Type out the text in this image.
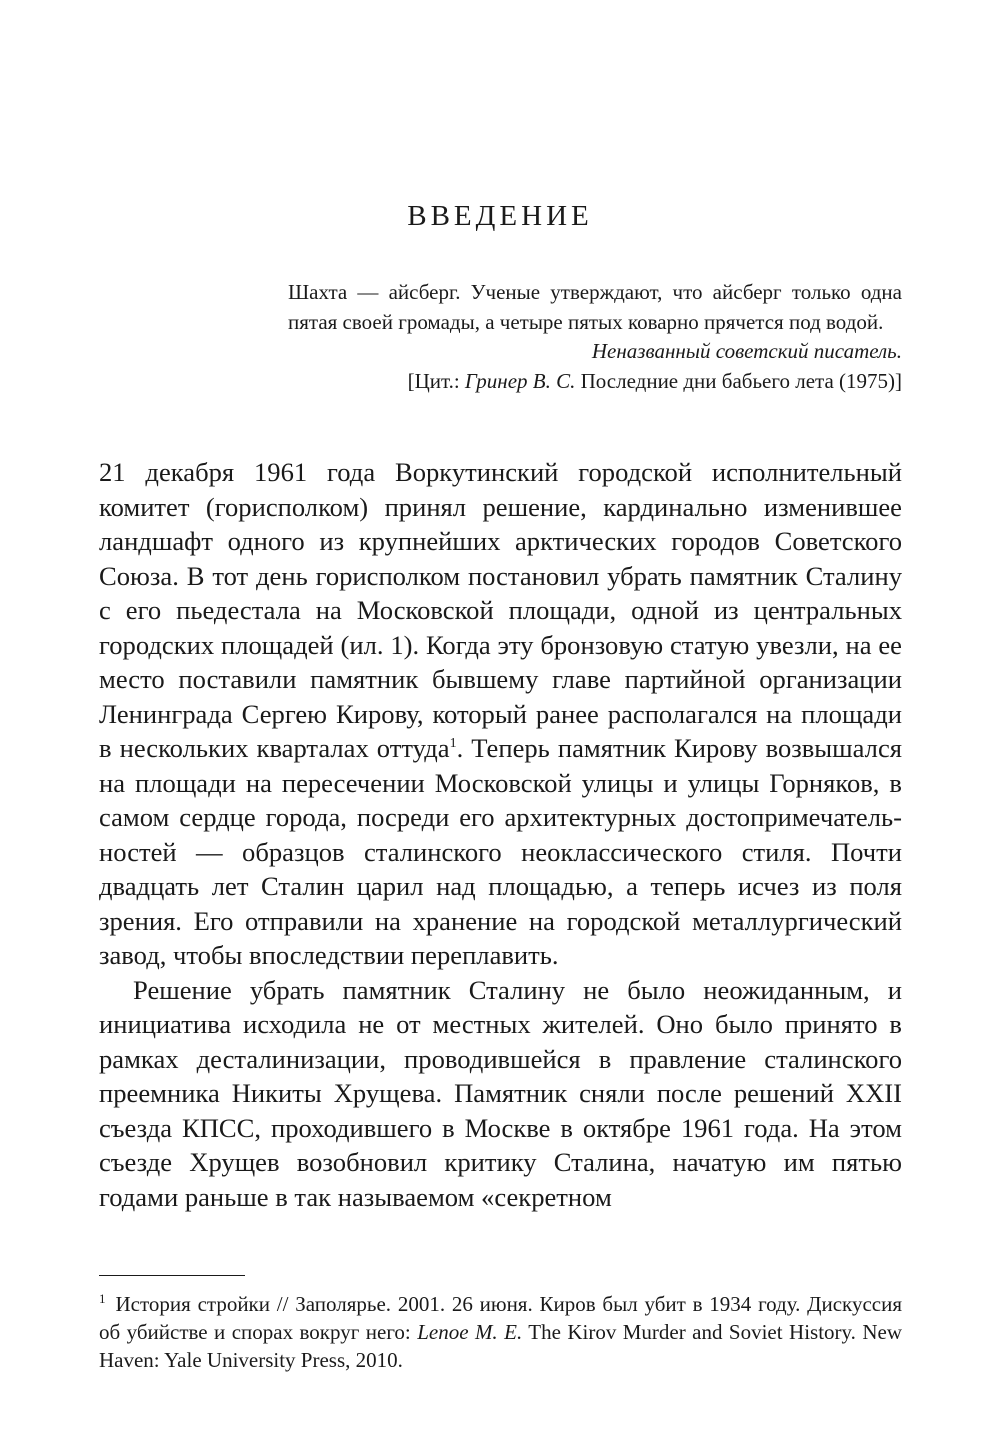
ВВЕДЕНИЕ

Шахта — айсберг. Ученые утверждают, что айсберг только одна пятая своей громады, а четыре пятых коварно прячется под водой.

Неназванный советский писатель.

[Цит.: Гринер В. С. Последние дни бабьего лета (1975)]

21 декабря 1961 года Воркутинский городской исполнительный комитет (горисполком) принял решение, кардинально изменившее ландшафт одного из крупнейших арктических городов Советского Союза. В тот день горисполком постановил убрать памятник Сталину с его пьедестала на Московской площади, одной из центральных городских площадей (ил. 1). Когда эту бронзовую статую увезли, на ее место поставили памятник бывшему главе партийной организации Ленинграда Сергею Кирову, который ранее располагался на площади в нескольких кварталах оттуда$^1$. Теперь памятник Кирову возвышался на площади на пересечении Московской улицы и улицы Горняков, в самом сердце города, посреди его архитектурных достопримечательностей — образцов сталинского неоклассического стиля. Почти двадцать лет Сталин царил над площадью, а теперь исчез из поля зрения. Его отправили на хранение на городской металлургический завод, чтобы впоследствии переплавить.

Решение убрать памятник Сталину не было неожиданным, и инициатива исходила не от местных жителей. Оно было принято в рамках десталинизации, проводившейся в правление сталинского преемника Никиты Хрущева. Памятник сняли после решений XXII съезда КПСС, проходившего в Москве в октябре 1961 года. На этом съезде Хрущев возобновил критику Сталина, начатую им пятью годами раньше в так называемом «секретном

$^1$ История стройки // Заполярье. 2001. 26 июня. Киров был убит в 1934 году. Дискуссия об убийстве и спорах вокруг него: Lenoe M. E. The Kirov Murder and Soviet History. New Haven: Yale University Press, 2010.
